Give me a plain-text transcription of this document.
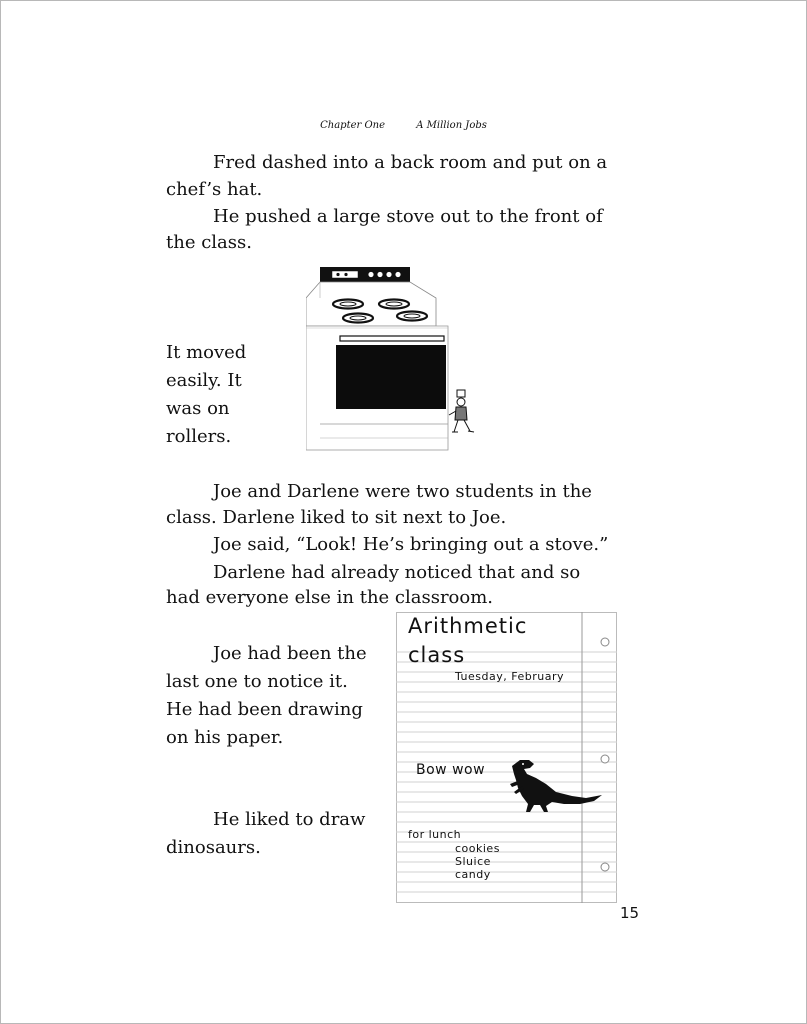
Chapter One	A Million Jobs
Fred dashed into a back room and put on a
chef’s hat.
He pushed a large stove out to the front of
the class.
It moved
easily. It
was on
rollers.
Joe and Darlene were two students in the
class. Darlene liked to sit next to Joe.
Joe said, “Look! He’s bringing out a stove.”
Darlene had already noticed that and so
had everyone else in the classroom.
Joe had been the
last one to notice it.
He had been drawing
on his paper.
He liked to draw
dinosaurs.
Arithmetic
class
Tuesday, February
Bow wow
for lunch
cookies
Sluice
candy
15
